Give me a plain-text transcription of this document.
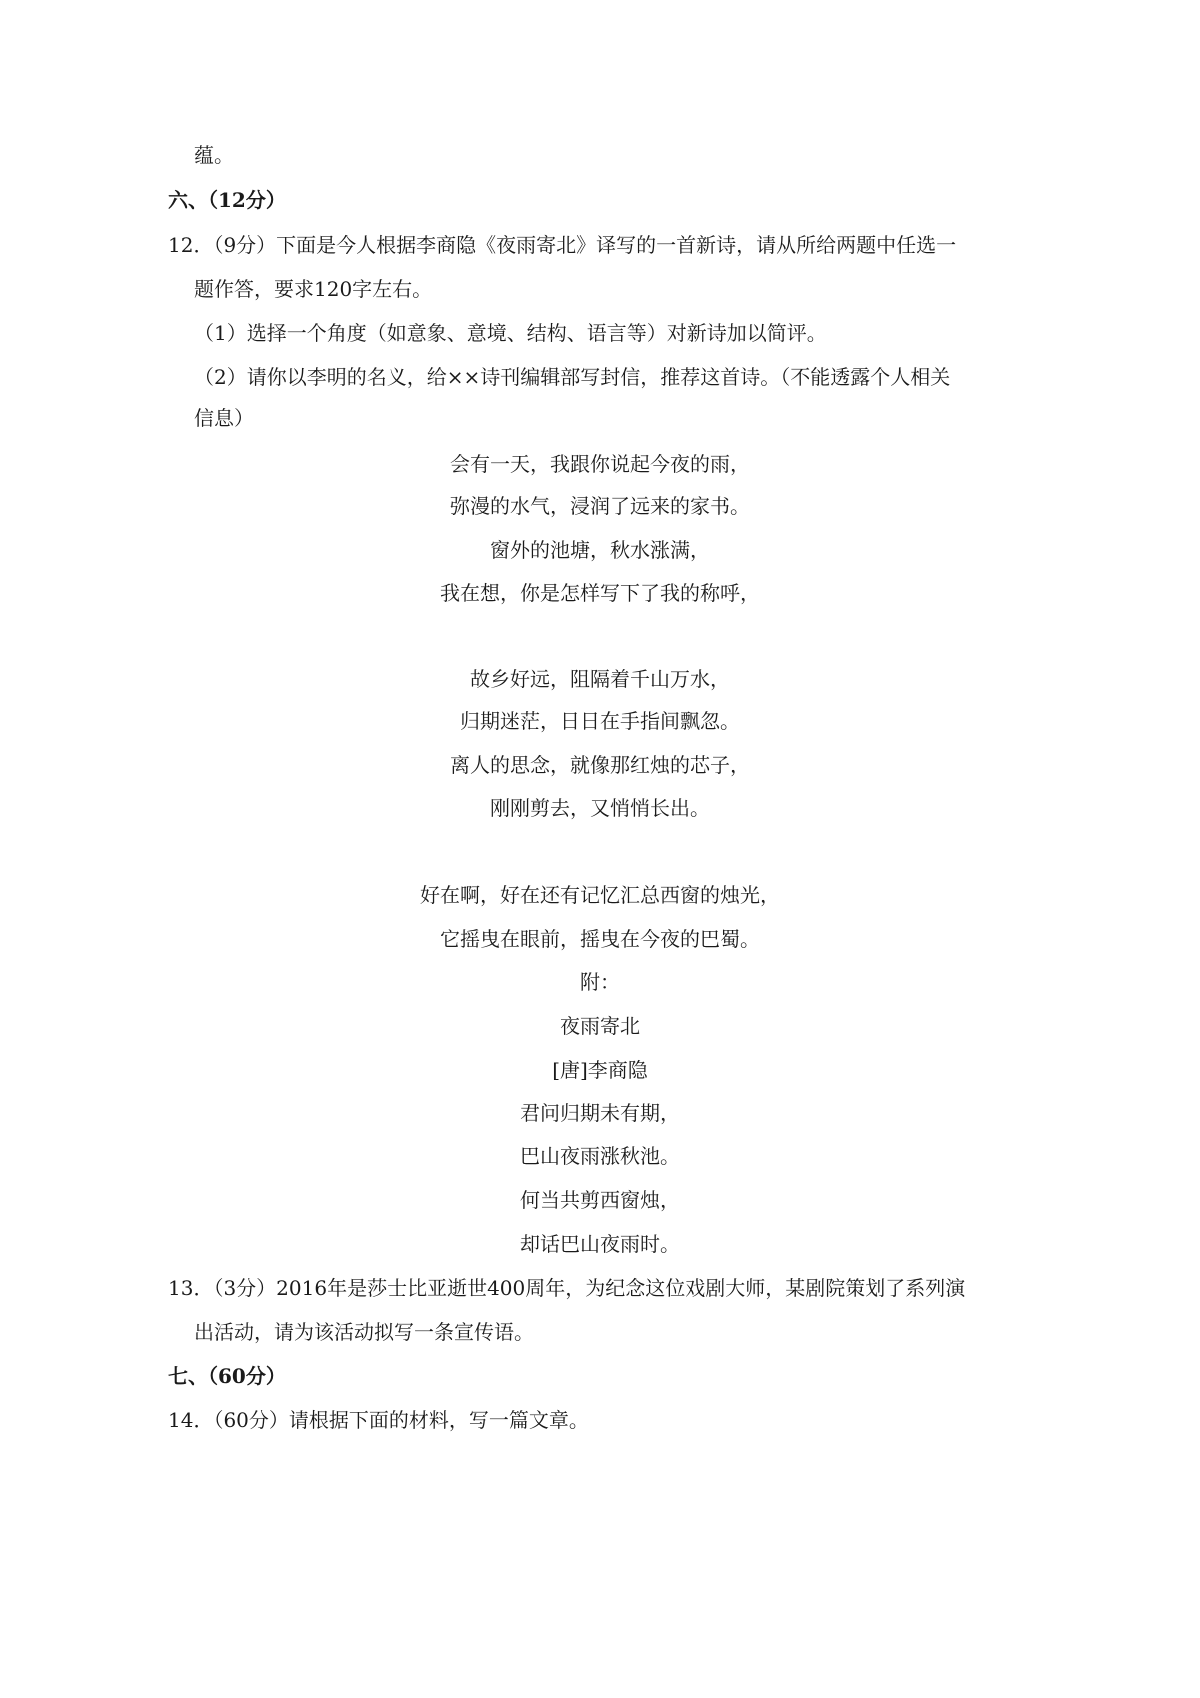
蕴。
六、（12分）
12．（9分）下面是今人根据李商隐《夜雨寄北》译写的一首新诗，请从所给两题中任选一
题作答，要求120字左右。
（1）选择一个角度（如意象、意境、结构、语言等）对新诗加以简评。
（2）请你以李明的名义，给××诗刊编辑部写封信，推荐这首诗。（不能透露个人相关
信息）
会有一天，我跟你说起今夜的雨，
弥漫的水气，浸润了远来的家书。
窗外的池塘，秋水涨满，
我在想，你是怎样写下了我的称呼，
故乡好远，阻隔着千山万水，
归期迷茫，日日在手指间飘忽。
离人的思念，就像那红烛的芯子，
刚刚剪去，又悄悄长出。
好在啊，好在还有记忆汇总西窗的烛光，
它摇曳在眼前，摇曳在今夜的巴蜀。
附：
夜雨寄北
[唐]李商隐
君问归期未有期，
巴山夜雨涨秋池。
何当共剪西窗烛，
却话巴山夜雨时。
13．（3分）2016年是莎士比亚逝世400周年，为纪念这位戏剧大师，某剧院策划了系列演
出活动，请为该活动拟写一条宣传语。
七、（60分）
14．（60分）请根据下面的材料，写一篇文章。
